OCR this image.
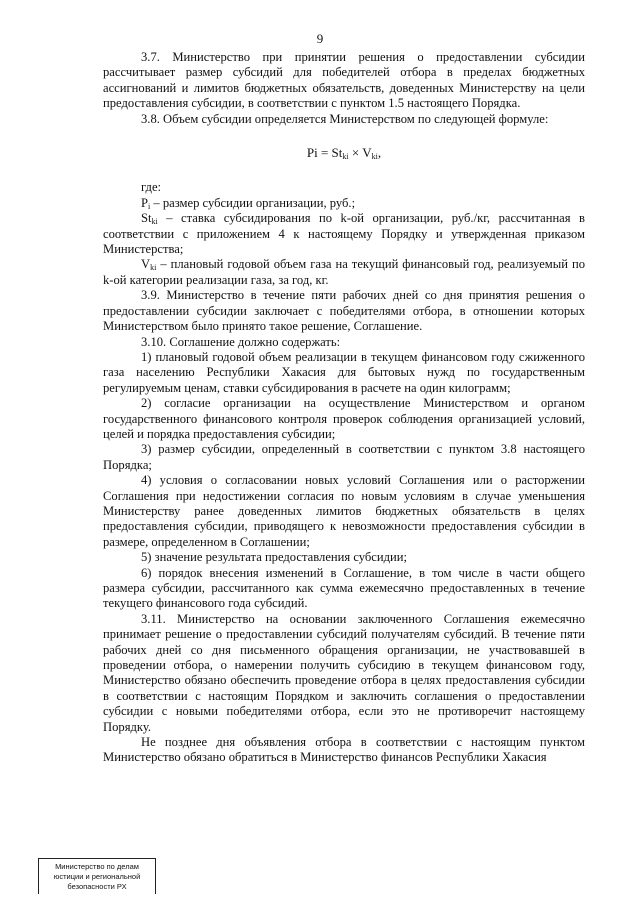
9

3.7. Министерство при принятии решения о предоставлении субсидии рассчитывает размер субсидий для победителей отбора в пределах бюджетных ассигнований и лимитов бюджетных обязательств, доведенных Министерству на цели предоставления субсидии, в соответствии с пунктом 1.5 настоящего Порядка.

3.8. Объем субсидии определяется Министерством по следующей формуле:

$Pi = St_{ki} \times V_{ki}$,

где:

$P_i$ – размер субсидии организации, руб.;

$St_{ki}$ – ставка субсидирования по k-ой организации, руб./кг, рассчитанная в соответствии с приложением 4 к настоящему Порядку и утвержденная приказом Министерства;

$V_{ki}$ – плановый годовой объем газа на текущий финансовый год, реализуемый по k-ой категории реализации газа, за год, кг.

3.9. Министерство в течение пяти рабочих дней со дня принятия решения о предоставлении субсидии заключает с победителями отбора, в отношении которых Министерством было принято такое решение, Соглашение.

3.10. Соглашение должно содержать:

1) плановый годовой объем реализации в текущем финансовом году сжиженного газа населению Республики Хакасия для бытовых нужд по государственным регулируемым ценам, ставки субсидирования в расчете на один килограмм;

2) согласие организации на осуществление Министерством и органом государственного финансового контроля проверок соблюдения организацией условий, целей и порядка предоставления субсидии;

3) размер субсидии, определенный в соответствии с пунктом 3.8 настоящего Порядка;

4) условия о согласовании новых условий Соглашения или о расторжении Соглашения при недостижении согласия по новым условиям в случае уменьшения Министерству ранее доведенных лимитов бюджетных обязательств в целях предоставления субсидии, приводящего к невозможности предоставления субсидии в размере, определенном в Соглашении;

5) значение результата предоставления субсидии;

6) порядок внесения изменений в Соглашение, в том числе в части общего размера субсидии, рассчитанного как сумма ежемесячно предоставленных в течение текущего финансового года субсидий.

3.11. Министерство на основании заключенного Соглашения ежемесячно принимает решение о предоставлении субсидий получателям субсидий. В течение пяти рабочих дней со дня письменного обращения организации, не участвовавшей в проведении отбора, о намерении получить субсидию в текущем финансовом году, Министерство обязано обеспечить проведение отбора в целях предоставления субсидии в соответствии с настоящим Порядком и заключить соглашения о предоставлении субсидии с новыми победителями отбора, если это не противоречит настоящему Порядку.

Не позднее дня объявления отбора в соответствии с настоящим пунктом Министерство обязано обратиться в Министерство финансов Республики Хакасия

Министерство по делам
юстиции и региональной
безопасности РХ
